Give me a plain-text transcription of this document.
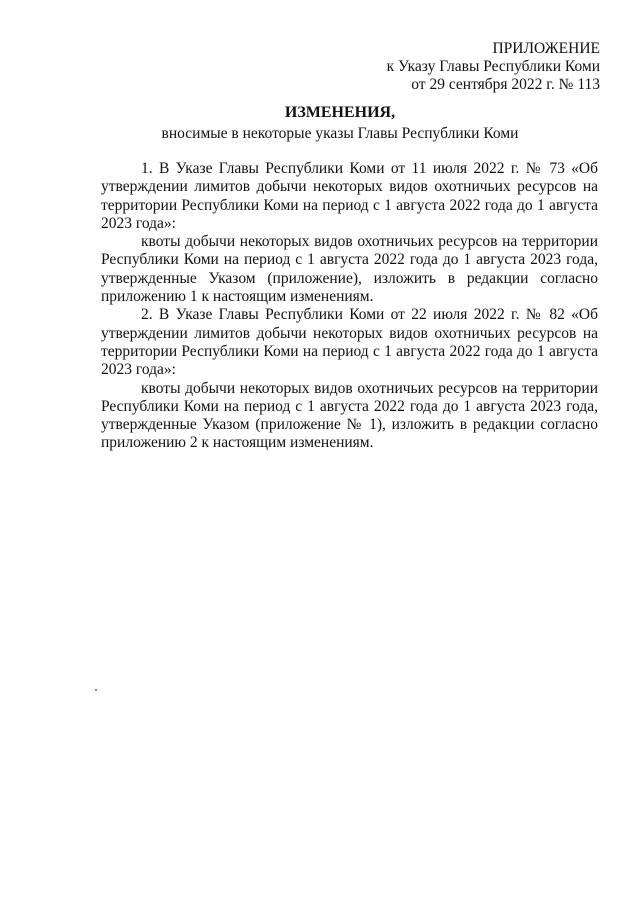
ПРИЛОЖЕНИЕ
к Указу Главы Республики Коми
от 29 сентября 2022 г. № 113
ИЗМЕНЕНИЯ,
вносимые в некоторые указы Главы Республики Коми

1. В Указе Главы Республики Коми от 11 июля 2022 г. № 73 «Об утверждении лимитов добычи некоторых видов охотничьих ресурсов на территории Республики Коми на период с 1 августа 2022 года до 1 августа 2023 года»:

квоты добычи некоторых видов охотничьих ресурсов на территории Республики Коми на период с 1 августа 2022 года до 1 августа 2023 года, утвержденные Указом (приложение), изложить в редакции согласно приложению 1 к настоящим изменениям.

2. В Указе Главы Республики Коми от 22 июля 2022 г. № 82 «Об утверждении лимитов добычи некоторых видов охотничьих ресурсов на территории Республики Коми на период с 1 августа 2022 года до 1 августа 2023 года»:

квоты добычи некоторых видов охотничьих ресурсов на территории Республики Коми на период с 1 августа 2022 года до 1 августа 2023 года, утвержденные Указом (приложение № 1), изложить в редакции согласно приложению 2 к настоящим изменениям.
